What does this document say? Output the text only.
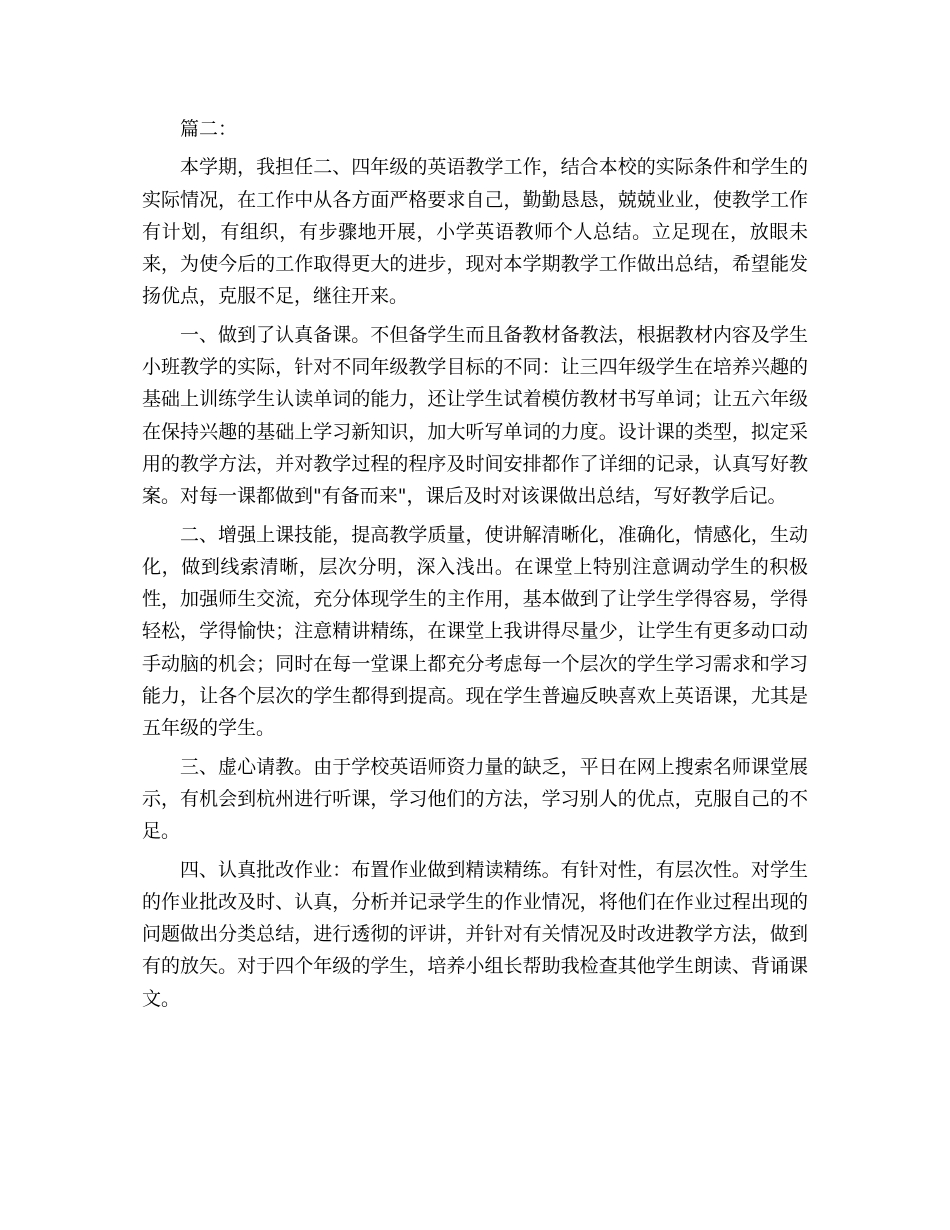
篇二：

本学期，我担任二、四年级的英语教学工作，结合本校的实际条件和学生的实际情况，在工作中从各方面严格要求自己，勤勤恳恳，兢兢业业，使教学工作有计划，有组织，有步骤地开展，小学英语教师个人总结。立足现在，放眼未来，为使今后的工作取得更大的进步，现对本学期教学工作做出总结，希望能发扬优点，克服不足，继往开来。

一、做到了认真备课。不但备学生而且备教材备教法，根据教材内容及学生小班教学的实际，针对不同年级教学目标的不同：让三四年级学生在培养兴趣的基础上训练学生认读单词的能力，还让学生试着模仿教材书写单词；让五六年级在保持兴趣的基础上学习新知识，加大听写单词的力度。设计课的类型，拟定采用的教学方法，并对教学过程的程序及时间安排都作了详细的记录，认真写好教案。对每一课都做到"有备而来"，课后及时对该课做出总结，写好教学后记。

二、增强上课技能，提高教学质量，使讲解清晰化，准确化，情感化，生动化，做到线索清晰，层次分明，深入浅出。在课堂上特别注意调动学生的积极性，加强师生交流，充分体现学生的主作用，基本做到了让学生学得容易，学得轻松，学得愉快；注意精讲精练，在课堂上我讲得尽量少，让学生有更多动口动手动脑的机会；同时在每一堂课上都充分考虑每一个层次的学生学习需求和学习能力，让各个层次的学生都得到提高。现在学生普遍反映喜欢上英语课，尤其是五年级的学生。

三、虚心请教。由于学校英语师资力量的缺乏，平日在网上搜索名师课堂展示，有机会到杭州进行听课，学习他们的方法，学习别人的优点，克服自己的不足。

四、认真批改作业：布置作业做到精读精练。有针对性，有层次性。对学生的作业批改及时、认真，分析并记录学生的作业情况，将他们在作业过程出现的问题做出分类总结，进行透彻的评讲，并针对有关情况及时改进教学方法，做到有的放矢。对于四个年级的学生，培养小组长帮助我检查其他学生朗读、背诵课文。
